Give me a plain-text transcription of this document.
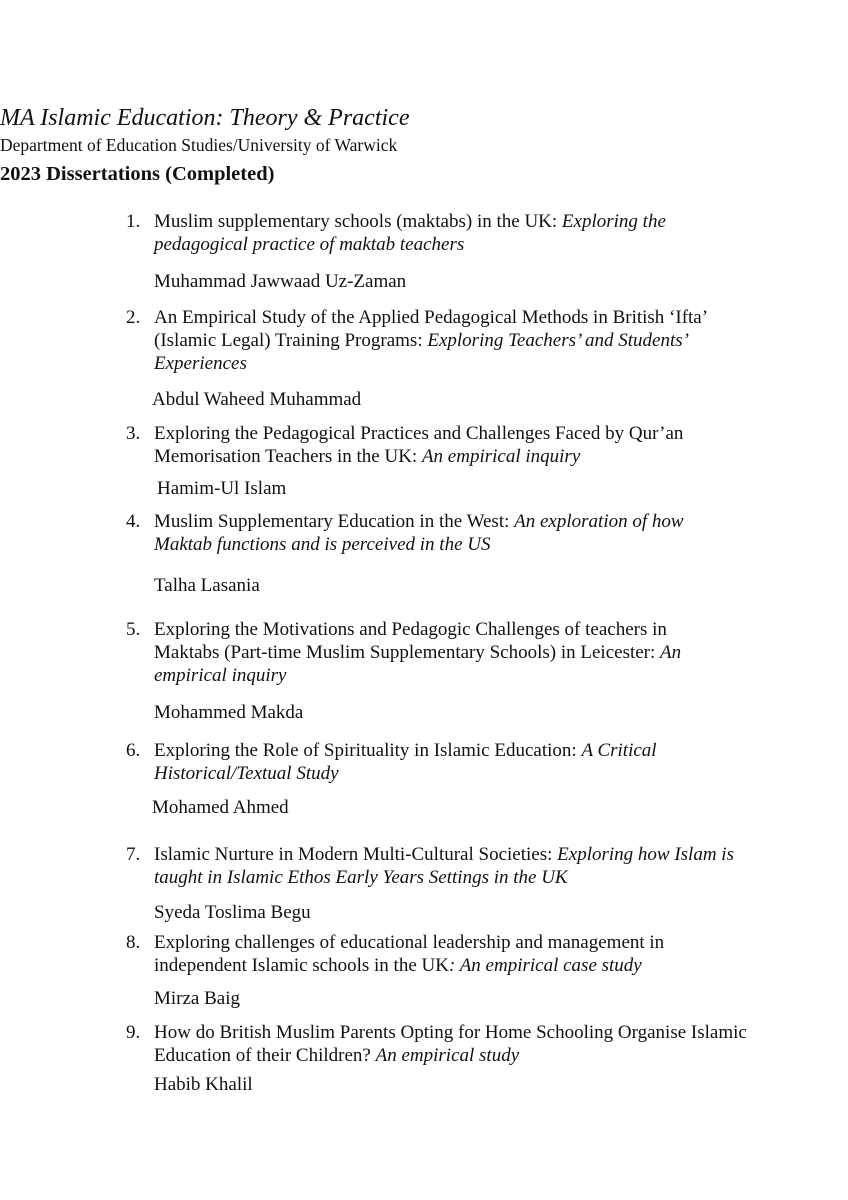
MA Islamic Education: Theory & Practice
Department of Education Studies/University of Warwick
2023 Dissertations (Completed)
1. Muslim supplementary schools (maktabs) in the UK: Exploring the pedagogical practice of maktab teachers

Muhammad Jawwaad Uz-Zaman
2. An Empirical Study of the Applied Pedagogical Methods in British ‘Ifta’ (Islamic Legal) Training Programs: Exploring Teachers’ and Students’ Experiences

Abdul Waheed Muhammad
3. Exploring the Pedagogical Practices and Challenges Faced by Qur’an Memorisation Teachers in the UK: An empirical inquiry

Hamim-Ul Islam
4. Muslim Supplementary Education in the West: An exploration of how Maktab functions and is perceived in the US

Talha Lasania
5. Exploring the Motivations and Pedagogic Challenges of teachers in Maktabs (Part-time Muslim Supplementary Schools) in Leicester: An empirical inquiry

Mohammed Makda
6. Exploring the Role of Spirituality in Islamic Education: A Critical Historical/Textual Study

Mohamed Ahmed
7. Islamic Nurture in Modern Multi-Cultural Societies: Exploring how Islam is taught in Islamic Ethos Early Years Settings in the UK

Syeda Toslima Begu
8. Exploring challenges of educational leadership and management in independent Islamic schools in the UK: An empirical case study

Mirza Baig
9. How do British Muslim Parents Opting for Home Schooling Organise Islamic Education of their Children? An empirical study

Habib Khalil
